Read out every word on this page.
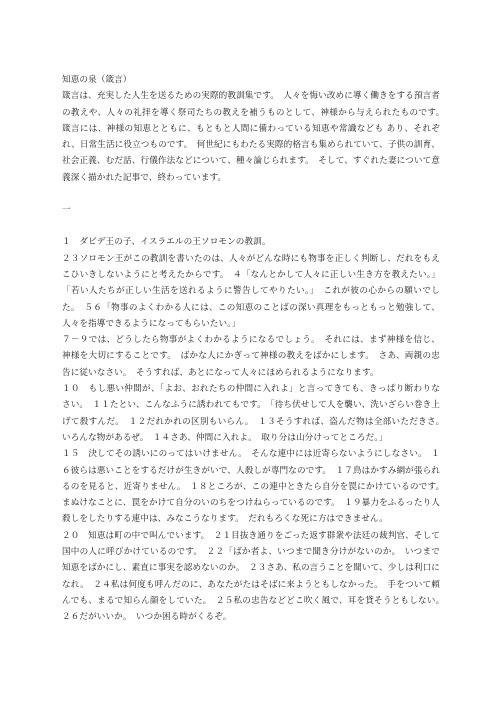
知恵の泉（箴言）

箴言は、充実した人生を送るための実際的教訓集です。　人々を悔い改めに導く働きをする預言者の教えや、人々の礼拝を導く祭司たちの教えを補うものとして、神様から与えられたものです。　箴言には、神様の知恵とともに、もともと人間に備わっている知恵や常識なども あり、それぞれ、日常生活に役立つものです。　何世紀にもわたる実際的格言も集められていて、子供の訓育、社会正義、むだ話、行儀作法などについて、種々論じられます。　そして、すぐれた妻について意義深く描かれた記事で、終わっています。

一

１　ダビデ王の子、イスラエルの王ソロモンの教訓。

２３ソロモン王がこの教訓を書いたのは、人々がどんな時にも物事を正しく判断し、だれをもえこひいきしないようにと考えたからです。　４「なんとかして人々に正しい生き方を教えたい。」「若い人たちが正しい生活を送れるように警告してやりたい。」　これが彼の心からの願いでした。　５６「物事のよくわかる人には、この知恵のことばの深い真理をもっともっと勉強して、人々を指導できるようになってもらいたい。」

７－９では、どうしたら物事がよくわかるようになるでしょう。　それには、まず神様を信じ、神様を大切にすることです。　ばかな人にかぎって神様の教えをばかにします。　さあ、両親の忠告に従いなさい。　そうすれば、あとになって人々にほめられるようになります。

１０　もし悪い仲間が、「よお、おれたちの仲間に入れよ」と言ってきても、きっぱり断わりなさい。　１１たとい、こんなふうに誘われてもです。　「待ち伏せして人を襲い、洗いざらい巻き上げて殺すんだ。　１２だれかれの区別もいらん。　１３そうすれば、盗んだ物は全部いただきさ。　いろんな物があるぜ。　１４さあ、仲間に入れよ。　取り分は山分けってところだ。」

１５　決してその誘いにのってはいけません。　そんな連中には近寄らないようにしなさい。　１６彼らは悪いことをするだけが生きがいで、人殺しが専門なのです。　１７鳥はかすみ網が張られるのを見ると、近寄りません。　１８ところが、この連中ときたら自分を罠にかけているのです。　まぬけなことに、罠をかけて自分のいのちをつけねらっているのです。　１９暴力をふるったり人殺しをしたりする連中は、みなこうなります。　だれもろくな死に方はできません。

２０　知恵は町の中で叫んでいます。　２１目抜き通りをごった返す群衆や法廷の裁判官、そして国中の人に呼びかけているのです。　２２「ばか者よ、いつまで聞き分けがないのか。　いつまで知恵をばかにし、素直に事実を認めないのか。　２３さあ、私の言うことを聞いて、少しは利口になれ。　２４私は何度も呼んだのに、あなたがたはそばに来ようともしなかった。　手をついて頼んでも、まるで知らん顔をしていた。　２５私の忠告などどこ吹く風で、耳を貸そうともしない。　２６だがいいか。　いつか困る時がくるぞ。
